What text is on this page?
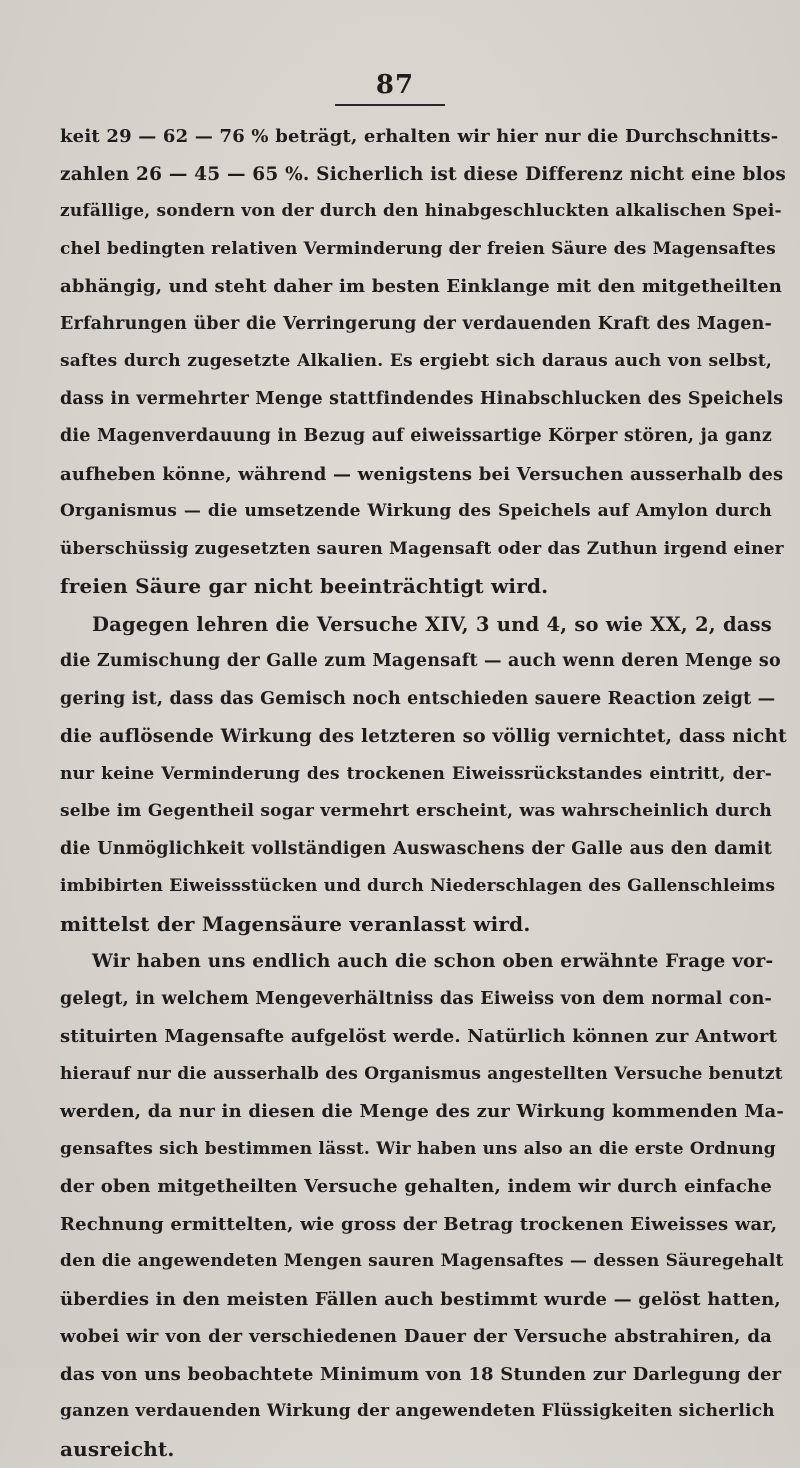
87
keit 29 — 62 — 76 % beträgt, erhalten wir hier nur die Durchschnitts-
zahlen 26 — 45 — 65 %. Sicherlich ist diese Differenz nicht eine blos
zufällige, sondern von der durch den hinabgeschluckten alkalischen Spei-
chel bedingten relativen Verminderung der freien Säure des Magensaftes
abhängig, und steht daher im besten Einklange mit den mitgetheilten
Erfahrungen über die Verringerung der verdauenden Kraft des Magen-
saftes durch zugesetzte Alkalien. Es ergiebt sich daraus auch von selbst,
dass in vermehrter Menge stattfindendes Hinabschlucken des Speichels
die Magenverdauung in Bezug auf eiweissartige Körper stören, ja ganz
aufheben könne, während — wenigstens bei Versuchen ausserhalb des
Organismus — die umsetzende Wirkung des Speichels auf Amylon durch
überschüssig zugesetzten sauren Magensaft oder das Zuthun irgend einer
freien Säure gar nicht beeinträchtigt wird.
Dagegen lehren die Versuche XIV, 3 und 4, so wie XX, 2, dass
die Zumischung der Galle zum Magensaft — auch wenn deren Menge so
gering ist, dass das Gemisch noch entschieden sauere Reaction zeigt —
die auflösende Wirkung des letzteren so völlig vernichtet, dass nicht
nur keine Verminderung des trockenen Eiweissrückstandes eintritt, der-
selbe im Gegentheil sogar vermehrt erscheint, was wahrscheinlich durch
die Unmöglichkeit vollständigen Auswaschens der Galle aus den damit
imbibirten Eiweissstücken und durch Niederschlagen des Gallenschleims
mittelst der Magensäure veranlasst wird.
Wir haben uns endlich auch die schon oben erwähnte Frage vor-
gelegt, in welchem Mengeverhältniss das Eiweiss von dem normal con-
stituirten Magensafte aufgelöst werde. Natürlich können zur Antwort
hierauf nur die ausserhalb des Organismus angestellten Versuche benutzt
werden, da nur in diesen die Menge des zur Wirkung kommenden Ma-
gensaftes sich bestimmen lässt. Wir haben uns also an die erste Ordnung
der oben mitgetheilten Versuche gehalten, indem wir durch einfache
Rechnung ermittelten, wie gross der Betrag trockenen Eiweisses war,
den die angewendeten Mengen sauren Magensaftes — dessen Säuregehalt
überdies in den meisten Fällen auch bestimmt wurde — gelöst hatten,
wobei wir von der verschiedenen Dauer der Versuche abstrahiren, da
das von uns beobachtete Minimum von 18 Stunden zur Darlegung der
ganzen verdauenden Wirkung der angewendeten Flüssigkeiten sicherlich
ausreicht.
